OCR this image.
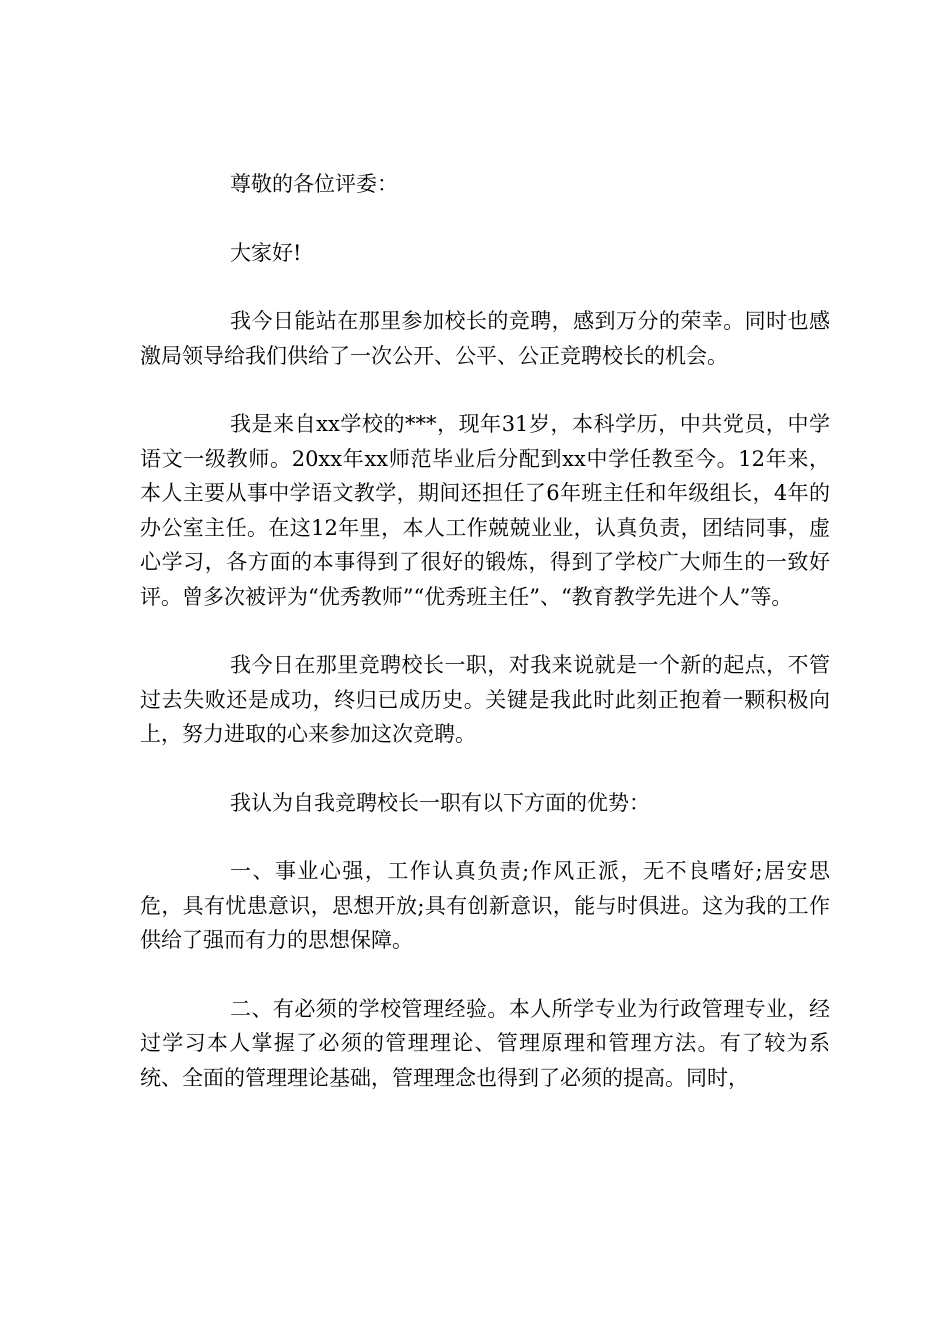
尊敬的各位评委：

大家好!

我今日能站在那里参加校长的竞聘，感到万分的荣幸。同时也感激局领导给我们供给了一次公开、公平、公正竞聘校长的机会。

我是来自xx学校的***，现年31岁，本科学历，中共党员，中学语文一级教师。20xx年xx师范毕业后分配到xx中学任教至今。12年来，本人主要从事中学语文教学，期间还担任了6年班主任和年级组长，4年的办公室主任。在这12年里，本人工作兢兢业业，认真负责，团结同事，虚心学习，各方面的本事得到了很好的锻炼，得到了学校广大师生的一致好评。曾多次被评为“优秀教师”“优秀班主任”、“教育教学先进个人”等。

我今日在那里竞聘校长一职，对我来说就是一个新的起点，不管过去失败还是成功，终归已成历史。关键是我此时此刻正抱着一颗积极向上，努力进取的心来参加这次竞聘。

我认为自我竞聘校长一职有以下方面的优势：

一、事业心强，工作认真负责;作风正派，无不良嗜好;居安思危，具有忧患意识，思想开放;具有创新意识，能与时俱进。这为我的工作供给了强而有力的思想保障。

二、有必须的学校管理经验。本人所学专业为行政管理专业，经过学习本人掌握了必须的管理理论、管理原理和管理方法。有了较为系统、全面的管理理论基础，管理理念也得到了必须的提高。同时，
